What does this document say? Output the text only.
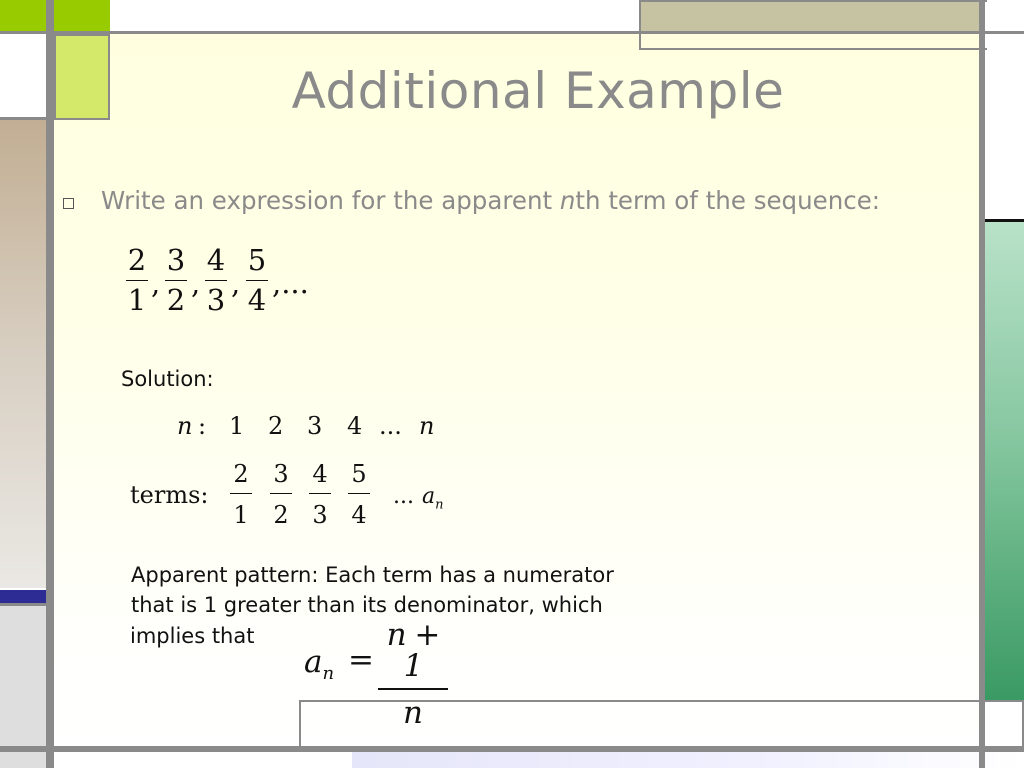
Additional Example
Write an expression for the apparent nth term of the sequence:
2
1 ,
3
2 ,
4
3 ,
5
4 ,...
Solution:
n : 1 2 3 4 ... n
terms:
2
1
3
2
4
3
5
4
... $a_n$
Apparent pattern: Each term has a numerator
that is 1 greater than its denominator, which
implies that
$a_n$ =
n + 1
n
